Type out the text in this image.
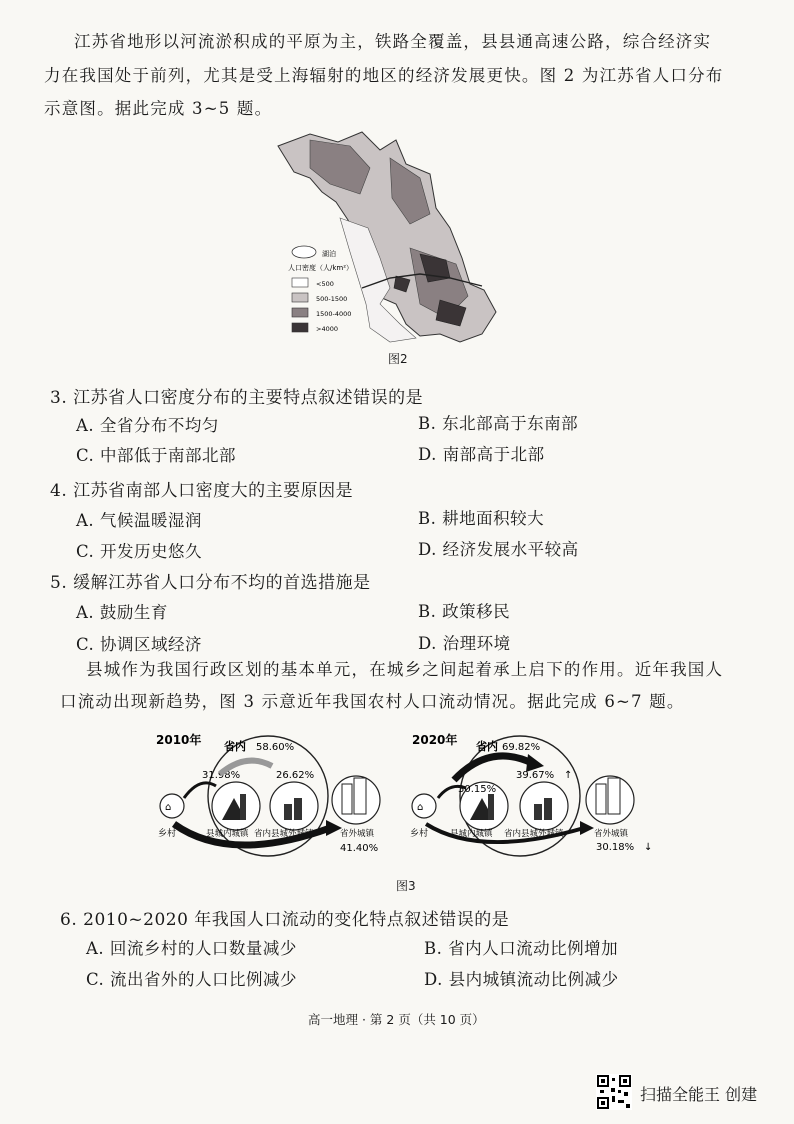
江苏省地形以河流淤积成的平原为主，铁路全覆盖，县县通高速公路，综合经济实
力在我国处于前列，尤其是受上海辐射的地区的经济发展更快。图 2 为江苏省人口分布
示意图。据此完成 3~5 题。
湖泊
人口密度（人/km²）
<500
500-1500
1500-4000
>4000
图2
3. 江苏省人口密度分布的主要特点叙述错误的是
A. 全省分布不均匀	B. 东北部高于东南部
C. 中部低于南部北部	D. 南部高于北部
4. 江苏省南部人口密度大的主要原因是
A. 气候温暖湿润	B. 耕地面积较大
C. 开发历史悠久	D. 经济发展水平较高
5. 缓解江苏省人口分布不均的首选措施是
A. 鼓励生育	B. 政策移民
C. 协调区域经济	D. 治理环境
县城作为我国行政区划的基本单元，在城乡之间起着承上启下的作用。近年我国人
口流动出现新趋势，图 3 示意近年我国农村人口流动情况。据此完成 6~7 题。
2010年 省内 58.60%
⌂
乡村	县城内城镇
31.98%
省内县城外城镇
26.62%
省外城镇
41.40%
2020年 省内 69.82%
⌂
乡村	县城内城镇
30.15%
省内县城外城镇
39.67% ↑
省外城镇
30.18% ↓
图3
6. 2010~2020 年我国人口流动的变化特点叙述错误的是
A. 回流乡村的人口数量减少	B. 省内人口流动比例增加
C. 流出省外的人口比例减少	D. 县内城镇流动比例减少
高一地理 · 第 2 页（共 10 页）
扫描全能王 创建
